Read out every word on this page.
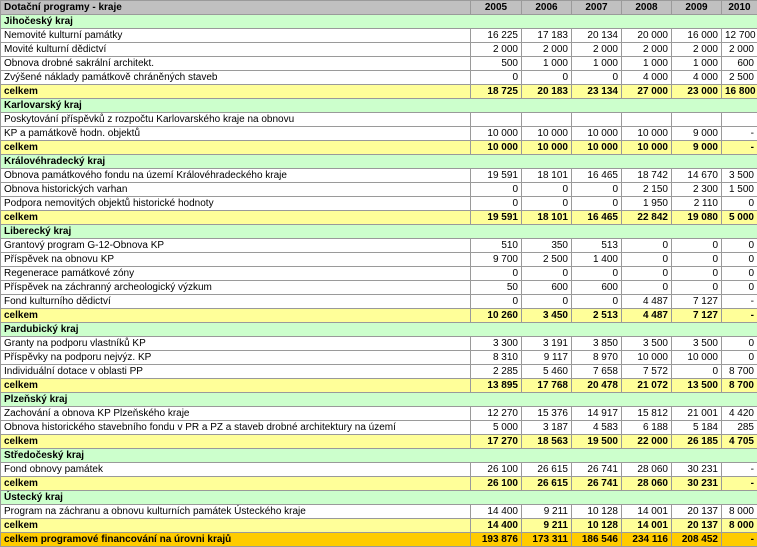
Dotační programy - kraje	2005	2006	2007	2008	2009	2010
Jihočeský kraj						
Nemovité kulturní památky	16 225	17 183	20 134	20 000	16 000	12 700
Movité kulturní dědictví	2 000	2 000	2 000	2 000	2 000	2 000
Obnova drobné sakrální architekt.	500	1 000	1 000	1 000	1 000	600
Zvýšené náklady památkově chráněných staveb	0	0	0	4 000	4 000	2 500
celkem	18 725	20 183	23 134	27 000	23 000	16 800
Karlovarský kraj						
Poskytování příspěvků z rozpočtu Karlovarského kraje na obnovu						
KP a památkově hodn. objektů	10 000	10 000	10 000	10 000	9 000	-
celkem	10 000	10 000	10 000	10 000	9 000	-
Královéhradecký kraj						
Obnova památkového fondu na území Královéhradeckého kraje	19 591	18 101	16 465	18 742	14 670	3 500
Obnova historických varhan	0	0	0	2 150	2 300	1 500
Podpora nemovitých objektů historické hodnoty	0	0	0	1 950	2 110	0
celkem	19 591	18 101	16 465	22 842	19 080	5 000
Liberecký kraj						
Grantový program G-12-Obnova KP	510	350	513	0	0	0
Příspěvek na obnovu KP	9 700	2 500	1 400	0	0	0
Regenerace památkové zóny	0	0	0	0	0	0
Příspěvek na záchranný archeologický výzkum	50	600	600	0	0	0
Fond kulturního dědictví	0	0	0	4 487	7 127	-
celkem	10 260	3 450	2 513	4 487	7 127	-
Pardubický kraj						
Granty na podporu vlastníků KP	3 300	3 191	3 850	3 500	3 500	0
Příspěvky na podporu nejvýz. KP	8 310	9 117	8 970	10 000	10 000	0
Individuální dotace v oblasti PP	2 285	5 460	7 658	7 572	0	8 700
celkem	13 895	17 768	20 478	21 072	13 500	8 700
Plzeňský kraj						
Zachování a obnova KP Plzeňského kraje	12 270	15 376	14 917	15 812	21 001	4 420
Obnova historického stavebního fondu v PR a PZ a staveb drobné architektury na území	5 000	3 187	4 583	6 188	5 184	285
celkem	17 270	18 563	19 500	22 000	26 185	4 705
Středočeský kraj						
Fond obnovy památek	26 100	26 615	26 741	28 060	30 231	-
celkem	26 100	26 615	26 741	28 060	30 231	-
Ústecký kraj						
Program na záchranu a obnovu kulturních památek Ústeckého kraje	14 400	9 211	10 128	14 001	20 137	8 000
celkem	14 400	9 211	10 128	14 001	20 137	8 000
celkem programové financování na úrovni krajů	193 876	173 311	186 546	234 116	208 452	-
